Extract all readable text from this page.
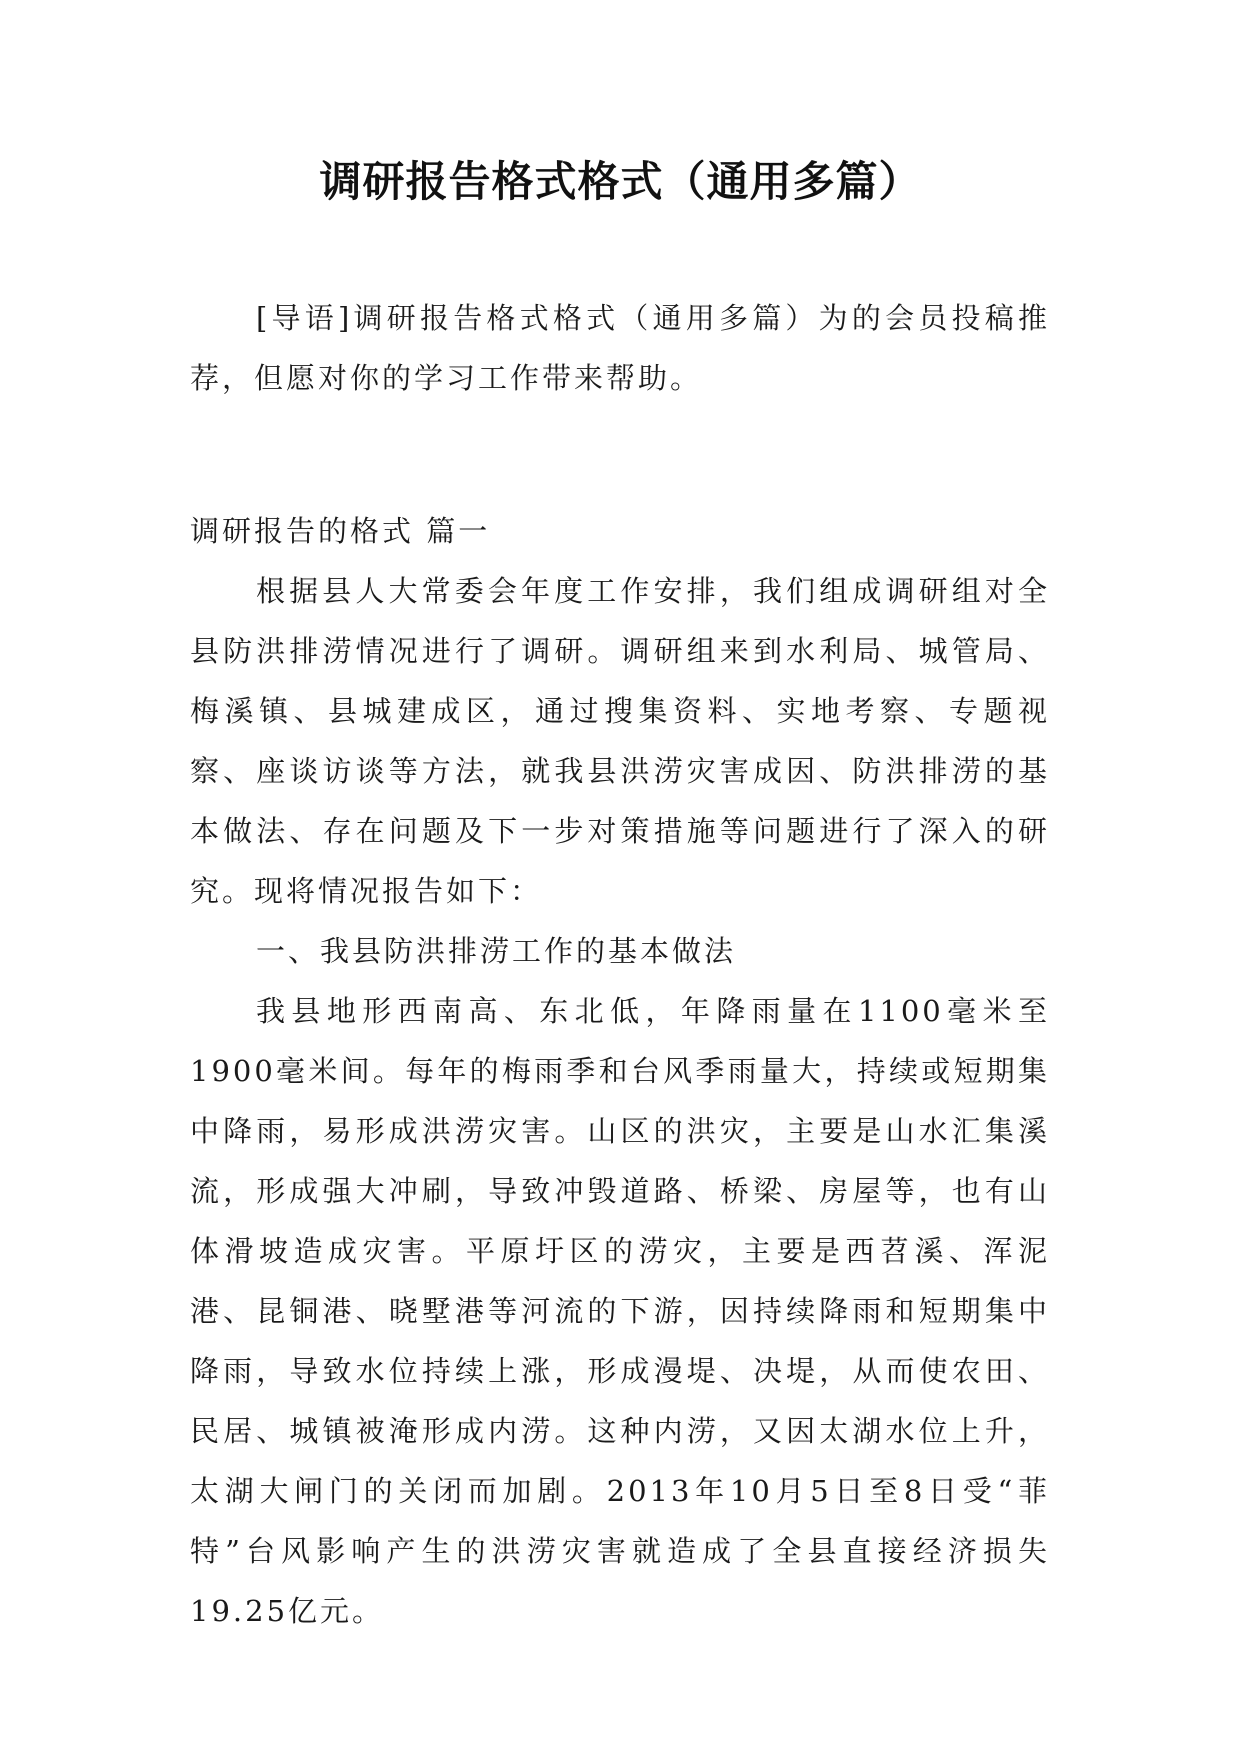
调研报告格式格式（通用多篇）

[导语]调研报告格式格式（通用多篇）为的会员投稿推荐，但愿对你的学习工作带来帮助。

调研报告的格式 篇一

根据县人大常委会年度工作安排，我们组成调研组对全县防洪排涝情况进行了调研。调研组来到水利局、城管局、梅溪镇、县城建成区，通过搜集资料、实地考察、专题视察、座谈访谈等方法，就我县洪涝灾害成因、防洪排涝的基本做法、存在问题及下一步对策措施等问题进行了深入的研究。现将情况报告如下：

一、我县防洪排涝工作的基本做法

我县地形西南高、东北低，年降雨量在1100毫米至1900毫米间。每年的梅雨季和台风季雨量大，持续或短期集中降雨，易形成洪涝灾害。山区的洪灾，主要是山水汇集溪流，形成强大冲刷，导致冲毁道路、桥梁、房屋等，也有山体滑坡造成灾害。平原圩区的涝灾，主要是西苕溪、浑泥港、昆铜港、晓墅港等河流的下游，因持续降雨和短期集中降雨，导致水位持续上涨，形成漫堤、决堤，从而使农田、民居、城镇被淹形成内涝。这种内涝，又因太湖水位上升，太湖大闸门的关闭而加剧。2013年10月5日至8日受“菲特”台风影响产生的洪涝灾害就造成了全县直接经济损失19.25亿元。
